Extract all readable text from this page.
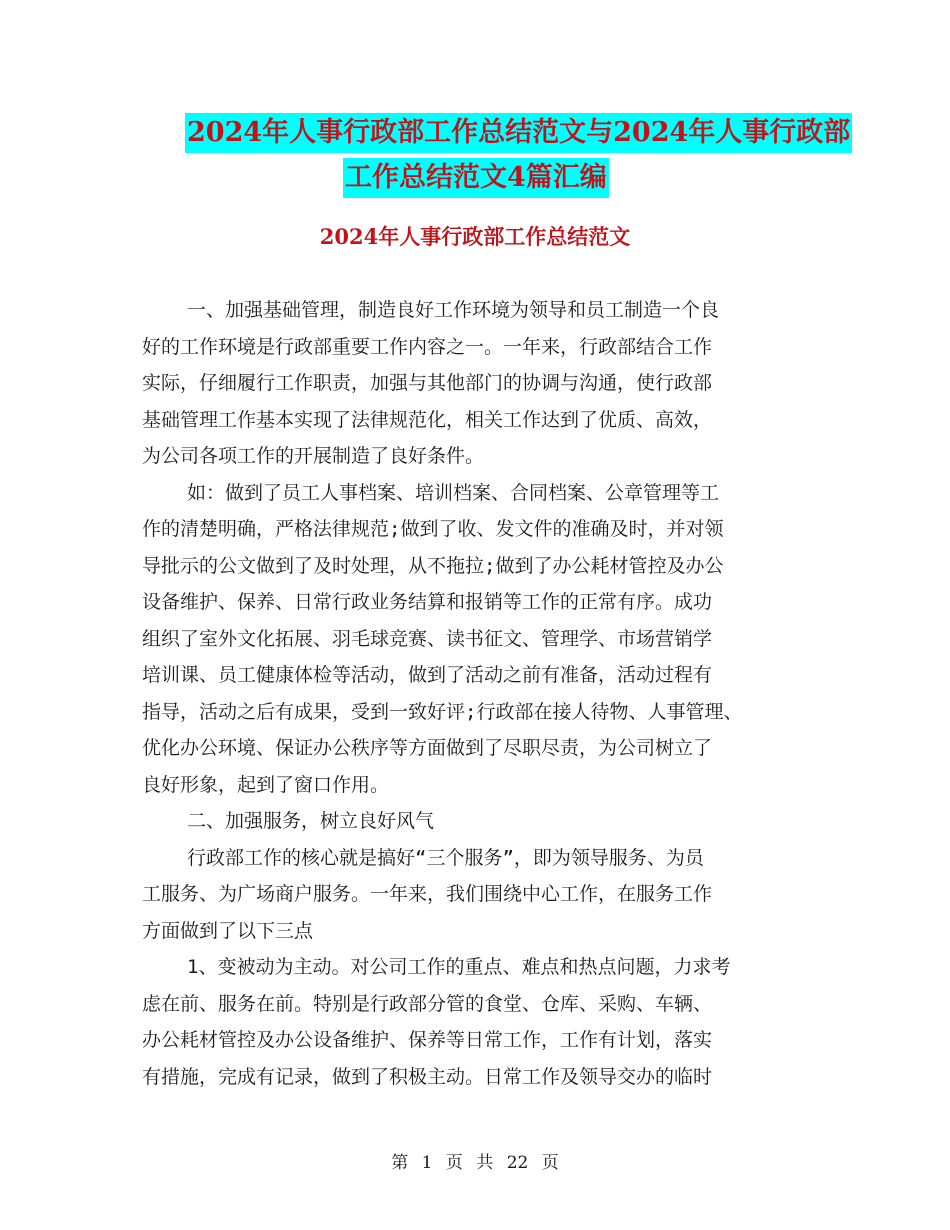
2024年人事行政部工作总结范文与2024年人事行政部
工作总结范文4篇汇编
2024年人事行政部工作总结范文
一、加强基础管理，制造良好工作环境为领导和员工制造一个良
好的工作环境是行政部重要工作内容之一。一年来，行政部结合工作
实际，仔细履行工作职责，加强与其他部门的协调与沟通，使行政部
基础管理工作基本实现了法律规范化，相关工作达到了优质、高效，
为公司各项工作的开展制造了良好条件。
如：做到了员工人事档案、培训档案、合同档案、公章管理等工
作的清楚明确，严格法律规范;做到了收、发文件的准确及时，并对领
导批示的公文做到了及时处理，从不拖拉;做到了办公耗材管控及办公
设备维护、保养、日常行政业务结算和报销等工作的正常有序。成功
组织了室外文化拓展、羽毛球竞赛、读书征文、管理学、市场营销学
培训课、员工健康体检等活动，做到了活动之前有准备，活动过程有
指导，活动之后有成果，受到一致好评;行政部在接人待物、人事管理、
优化办公环境、保证办公秩序等方面做到了尽职尽责，为公司树立了
良好形象，起到了窗口作用。
二、加强服务，树立良好风气
行政部工作的核心就是搞好“三个服务”，即为领导服务、为员
工服务、为广场商户服务。一年来，我们围绕中心工作，在服务工作
方面做到了以下三点
1、变被动为主动。对公司工作的重点、难点和热点问题，力求考
虑在前、服务在前。特别是行政部分管的食堂、仓库、采购、车辆、
办公耗材管控及办公设备维护、保养等日常工作，工作有计划，落实
有措施，完成有记录，做到了积极主动。日常工作及领导交办的临时
第 1 页 共 22 页
